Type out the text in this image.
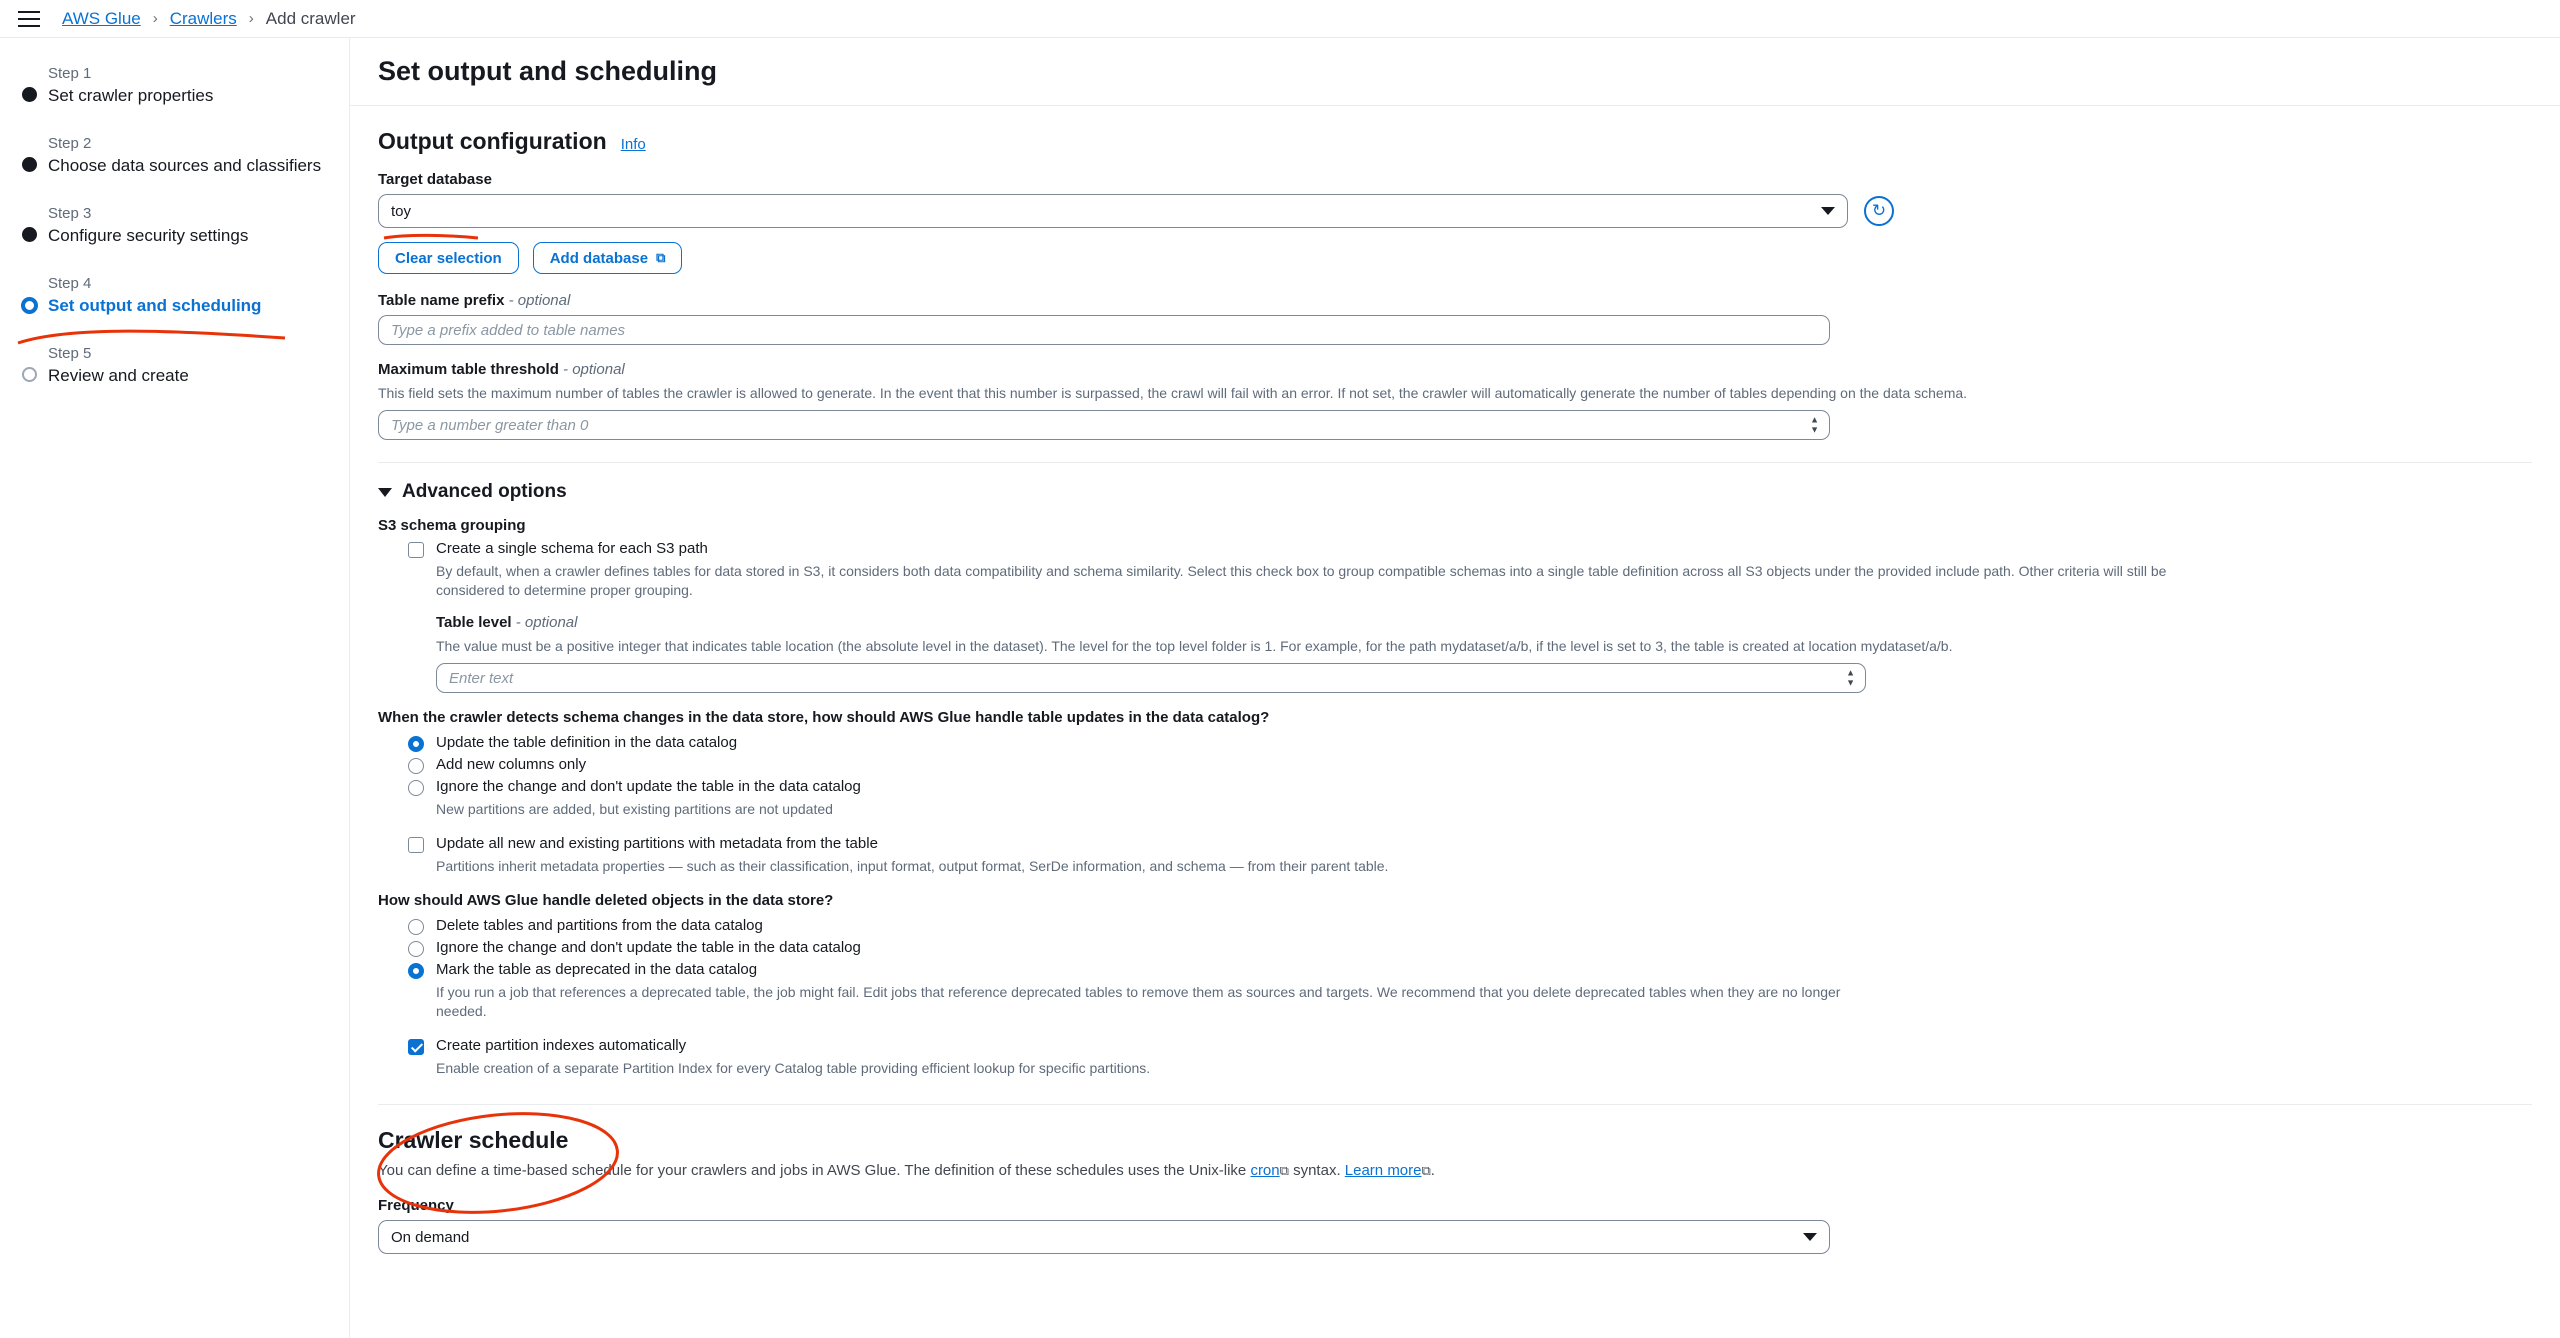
AWS Glue › Crawlers › Add crawler
Step 1
Set crawler properties
Step 2
Choose data sources and classifiers
Step 3
Configure security settings
Step 4
Set output and scheduling
Step 5
Review and create
Set output and scheduling
Output configuration Info
Target database
toy	↻
Clear selection	Add database ⧉
Table name prefix - optional
Type a prefix added to table names
Maximum table threshold - optional
This field sets the maximum number of tables the crawler is allowed to generate. In the event that this number is surpassed, the crawl will fail with an error. If not set, the crawler will automatically generate the number of tables depending on the data schema.
Type a number greater than 0	▲
▼
Advanced options
S3 schema grouping
Create a single schema for each S3 path
By default, when a crawler defines tables for data stored in S3, it considers both data compatibility and schema similarity. Select this check box to group compatible schemas into a single table definition across all S3 objects under the provided include path. Other criteria will still be considered to determine proper grouping.
Table level - optional
The value must be a positive integer that indicates table location (the absolute level in the dataset). The level for the top level folder is 1. For example, for the path mydataset/a/b, if the level is set to 3, the table is created at location mydataset/a/b.
Enter text	▲
▼
When the crawler detects schema changes in the data store, how should AWS Glue handle table updates in the data catalog?
Update the table definition in the data catalog
Add new columns only
Ignore the change and don't update the table in the data catalog
New partitions are added, but existing partitions are not updated
Update all new and existing partitions with metadata from the table
Partitions inherit metadata properties — such as their classification, input format, output format, SerDe information, and schema — from their parent table.
How should AWS Glue handle deleted objects in the data store?
Delete tables and partitions from the data catalog
Ignore the change and don't update the table in the data catalog
Mark the table as deprecated in the data catalog
If you run a job that references a deprecated table, the job might fail. Edit jobs that reference deprecated tables to remove them as sources and targets. We recommend that you delete deprecated tables when they are no longer needed.
Create partition indexes automatically
Enable creation of a separate Partition Index for every Catalog table providing efficient lookup for specific partitions.
Crawler schedule
You can define a time-based schedule for your crawlers and jobs in AWS Glue. The definition of these schedules uses the Unix-like cron⧉ syntax. Learn more⧉.
Frequency
On demand
